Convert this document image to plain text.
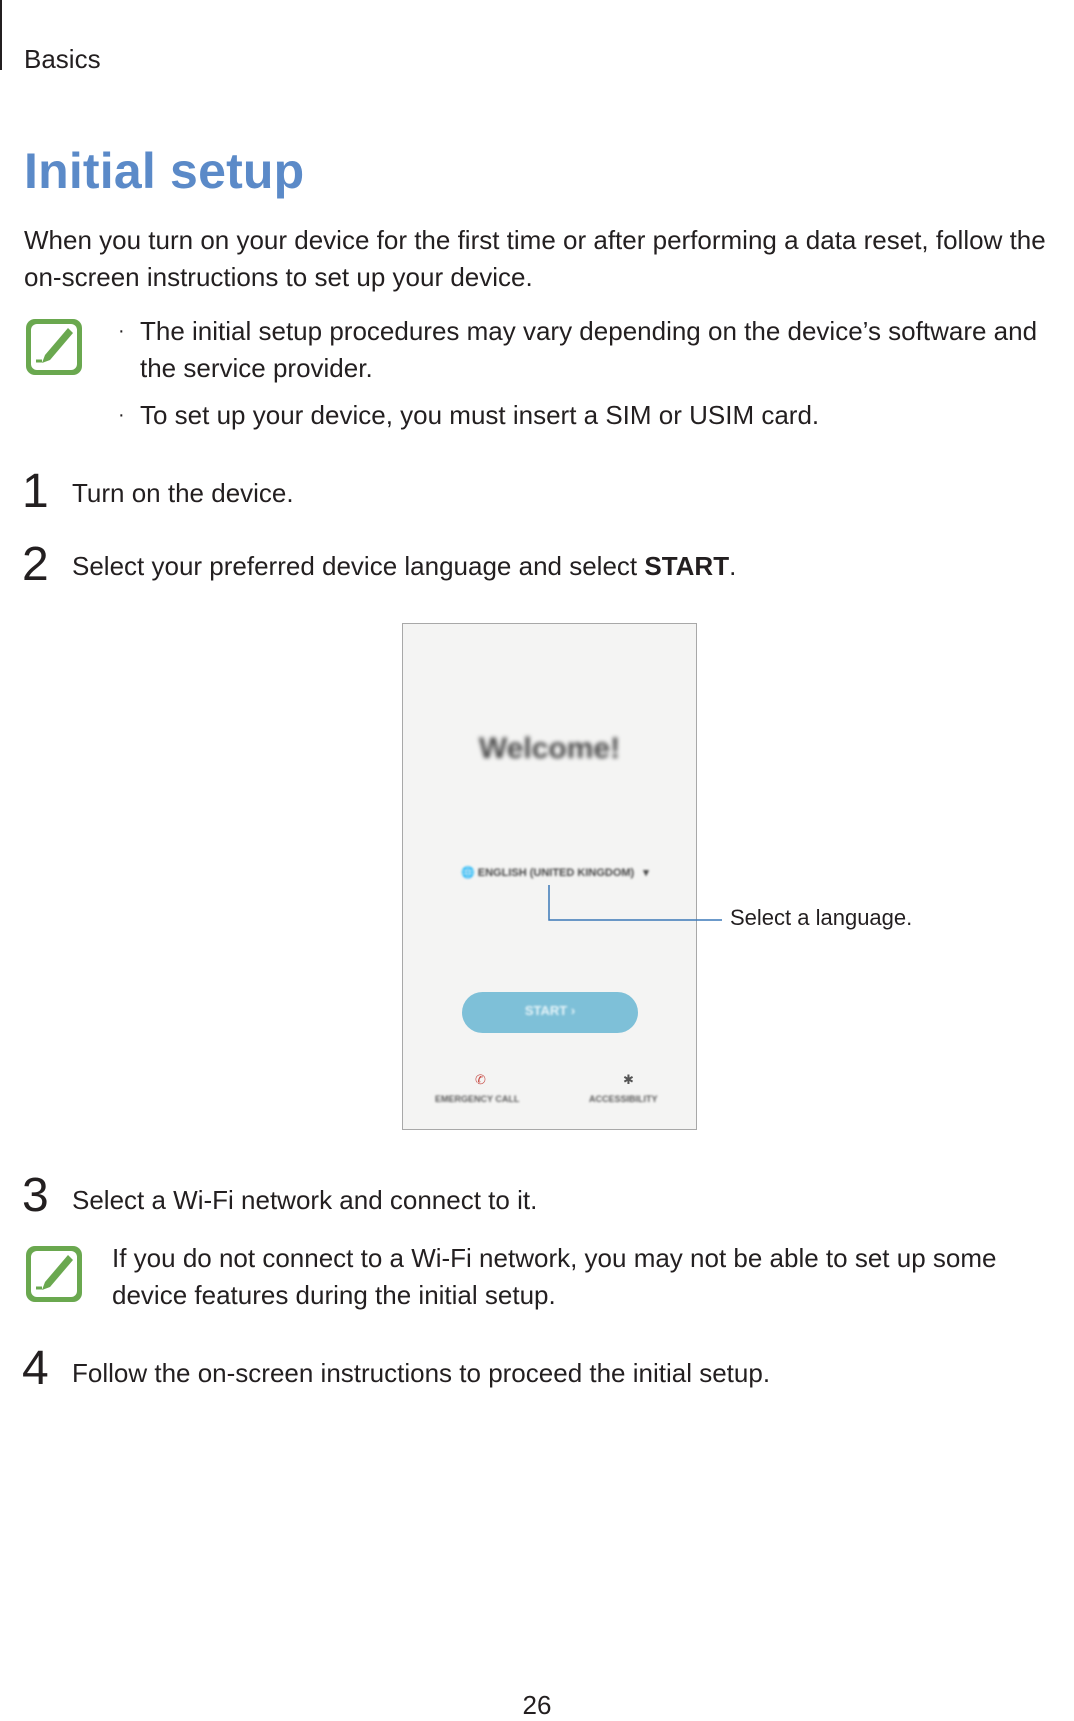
Basics
Initial setup
When you turn on your device for the first time or after performing a data reset, follow the on-screen instructions to set up your device.
· The initial setup procedures may vary depending on the device’s software and the service provider.
· To set up your device, you must insert a SIM or USIM card.
1 Turn on the device.
2 Select your preferred device language and select START.
Welcome!
🌐 ENGLISH (UNITED KINGDOM) ▾
START ›
✆
EMERGENCY CALL
✱
ACCESSIBILITY
Select a language.
3 Select a Wi-Fi network and connect to it.
If you do not connect to a Wi-Fi network, you may not be able to set up some device features during the initial setup.
4 Follow the on-screen instructions to proceed the initial setup.
26
